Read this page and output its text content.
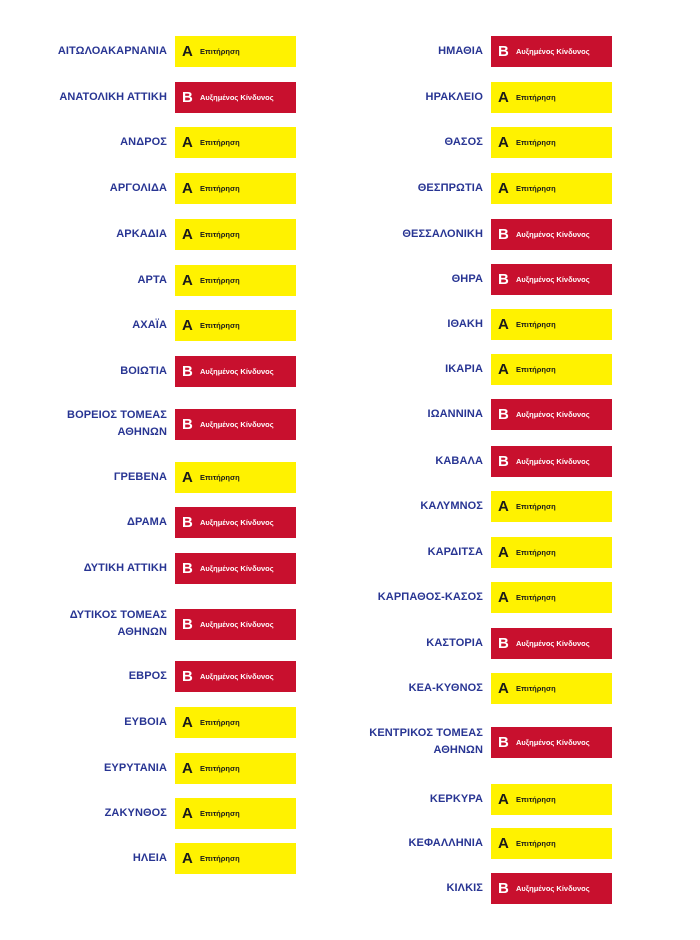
ΑΙΤΩΛΟΑΚΑΡΝΑΝΙΑ	A Επιτήρηση
ΑΝΑΤΟΛΙΚΗ ΑΤΤΙΚΗ	B Αυξημένος Κίνδυνος
ΑΝΔΡΟΣ	A Επιτήρηση
ΑΡΓΟΛΙΔΑ	A Επιτήρηση
ΑΡΚΑΔΙΑ	A Επιτήρηση
ΑΡΤΑ	A Επιτήρηση
ΑΧΑΪΑ	A Επιτήρηση
ΒΟΙΩΤΙΑ	B Αυξημένος Κίνδυνος
ΒΟΡΕΙΟΣ ΤΟΜΕΑΣ
ΑΘΗΝΩΝ	B Αυξημένος Κίνδυνος
ΓΡΕΒΕΝΑ	A Επιτήρηση
ΔΡΑΜΑ	B Αυξημένος Κίνδυνος
ΔΥΤΙΚΗ ΑΤΤΙΚΗ	B Αυξημένος Κίνδυνος
ΔΥΤΙΚΟΣ ΤΟΜΕΑΣ
ΑΘΗΝΩΝ	B Αυξημένος Κίνδυνος
ΕΒΡΟΣ	B Αυξημένος Κίνδυνος
ΕΥΒΟΙΑ	A Επιτήρηση
ΕΥΡΥΤΑΝΙΑ	A Επιτήρηση
ΖΑΚΥΝΘΟΣ	A Επιτήρηση
ΗΛΕΙΑ	A Επιτήρηση
ΗΜΑΘΙΑ	B Αυξημένος Κίνδυνος
ΗΡΑΚΛΕΙΟ	A Επιτήρηση
ΘΑΣΟΣ	A Επιτήρηση
ΘΕΣΠΡΩΤΙΑ	A Επιτήρηση
ΘΕΣΣΑΛΟΝΙΚΗ	B Αυξημένος Κίνδυνος
ΘΗΡΑ	B Αυξημένος Κίνδυνος
ΙΘΑΚΗ	A Επιτήρηση
ΙΚΑΡΙΑ	A Επιτήρηση
ΙΩΑΝΝΙΝΑ	B Αυξημένος Κίνδυνος
ΚΑΒΑΛΑ	B Αυξημένος Κίνδυνος
ΚΑΛΥΜΝΟΣ	A Επιτήρηση
ΚΑΡΔΙΤΣΑ	A Επιτήρηση
ΚΑΡΠΑΘΟΣ-ΚΑΣΟΣ	A Επιτήρηση
ΚΑΣΤΟΡΙΑ	B Αυξημένος Κίνδυνος
ΚΕΑ-ΚΥΘΝΟΣ	A Επιτήρηση
ΚΕΝΤΡΙΚΟΣ ΤΟΜΕΑΣ
ΑΘΗΝΩΝ	B Αυξημένος Κίνδυνος
ΚΕΡΚΥΡΑ	A Επιτήρηση
ΚΕΦΑΛΛΗΝΙΑ	A Επιτήρηση
ΚΙΛΚΙΣ	B Αυξημένος Κίνδυνος
